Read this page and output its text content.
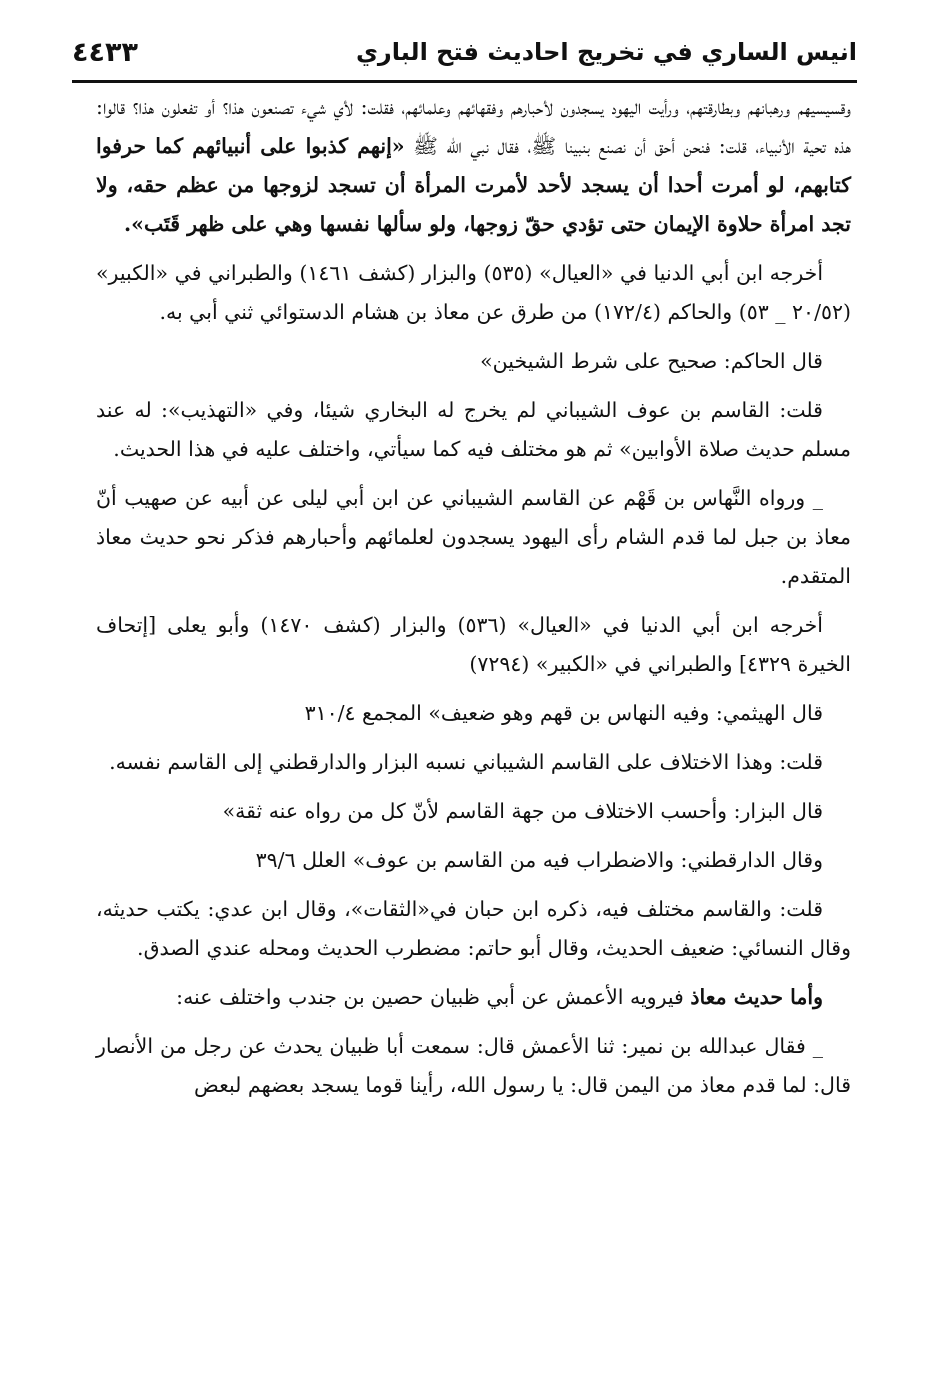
انيس الساري في تخريج احاديث فتح الباري
٤٤٣٣

وقسيسيهم ورهبانهم وبطارقتهم، ورأيت اليهود يسجدون لأحبارهم وفقهائهم وعلمائهم، فقلت: لأي شيء تصنعون هذا؟ أو تفعلون هذا؟ قالوا: هذه تحية الأنبياء، قلت: فنحن أحق أن نصنع بنبينا ﷺ، فقال نبي الله ﷺ «إنهم كذبوا على أنبيائهم كما حرفوا كتابهم، لو أمرت أحدا أن يسجد لأحد لأمرت المرأة أن تسجد لزوجها من عظم حقه، ولا تجد امرأة حلاوة الإيمان حتى تؤدي حقّ زوجها، ولو سألها نفسها وهي على ظهر قَتَب».

أخرجه ابن أبي الدنيا في «العيال» (٥٣٥) والبزار (كشف ١٤٦١) والطبراني في «الكبير» (٢٠/٥٢ _ ٥٣) والحاكم (١٧٢/٤) من طرق عن معاذ بن هشام الدستوائي ثني أبي به.

قال الحاكم: صحيح على شرط الشيخين»

قلت: القاسم بن عوف الشيباني لم يخرج له البخاري شيئا، وفي «التهذيب»: له عند مسلم حديث صلاة الأوابين» ثم هو مختلف فيه كما سيأتي، واختلف عليه في هذا الحديث.

_ ورواه النَّهاس بن قَهْم عن القاسم الشيباني عن ابن أبي ليلى عن أبيه عن صهيب أنّ معاذ بن جبل لما قدم الشام رأى اليهود يسجدون لعلمائهم وأحبارهم فذكر نحو حديث معاذ المتقدم.

أخرجه ابن أبي الدنيا في «العيال» (٥٣٦) والبزار (كشف ١٤٧٠) وأبو يعلى [إتحاف الخيرة ٤٣٢٩] والطبراني في «الكبير» (٧٢٩٤)

قال الهيثمي: وفيه النهاس بن قهم وهو ضعيف» المجمع ٣١٠/٤

قلت: وهذا الاختلاف على القاسم الشيباني نسبه البزار والدارقطني إلى القاسم نفسه.

قال البزار: وأحسب الاختلاف من جهة القاسم لأنّ كل من رواه عنه ثقة»

وقال الدارقطني: والاضطراب فيه من القاسم بن عوف» العلل ٣٩/٦

قلت: والقاسم مختلف فيه، ذكره ابن حبان في«الثقات»، وقال ابن عدي: يكتب حديثه، وقال النسائي: ضعيف الحديث، وقال أبو حاتم: مضطرب الحديث ومحله عندي الصدق.

وأما حديث معاذ فيرويه الأعمش عن أبي ظبيان حصين بن جندب واختلف عنه:

_ فقال عبدالله بن نمير: ثنا الأعمش قال: سمعت أبا ظبيان يحدث عن رجل من الأنصار قال: لما قدم معاذ من اليمن قال: يا رسول الله، رأينا قوما يسجد بعضهم لبعض
